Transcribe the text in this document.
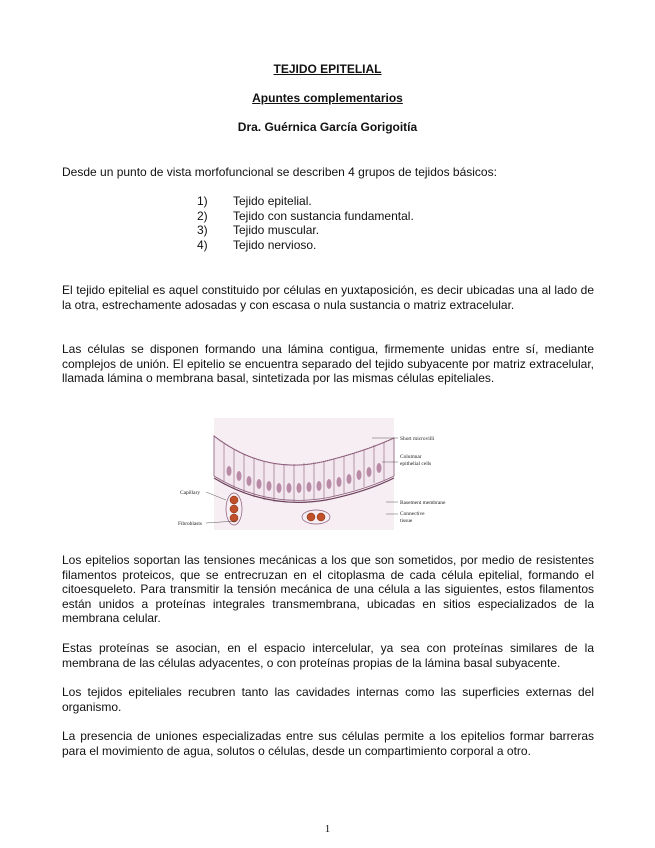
TEJIDO EPITELIAL
Apuntes complementarios
Dra. Guérnica García Gorigoitía
Desde un punto de vista morfofuncional se describen 4 grupos de tejidos básicos:
1)	Tejido epitelial.
2)	Tejido con sustancia fundamental.
3)	Tejido muscular.
4)	Tejido nervioso.
El tejido epitelial es aquel constituido por células en yuxtaposición, es decir ubicadas una al lado de la otra, estrechamente adosadas y con escasa o nula sustancia o matriz extracelular.
Las células se disponen formando una lámina contigua, firmemente unidas entre sí, mediante complejos de unión. El epitelio se encuentra separado del tejido subyacente por matriz extracelular, llamada lámina o membrana basal, sintetizada por las mismas células epiteliales.
Short microvilli
Columnar
epithelial cells
Basement membrane
Connective
tissue
Capillary
Fibroblasts
Los epitelios soportan las tensiones mecánicas a los que son sometidos, por medio de resistentes filamentos proteicos, que se entrecruzan en el citoplasma de cada célula epitelial, formando el citoesqueleto. Para transmitir la tensión mecánica de una célula a las siguientes, estos filamentos están unidos a proteínas integrales transmembrana, ubicadas en sitios especializados de la membrana celular.
Estas proteínas se asocian, en el espacio intercelular, ya sea con proteínas similares de la membrana de las células adyacentes, o con proteínas propias de la lámina basal subyacente.
Los tejidos epiteliales recubren tanto las cavidades internas como las superficies externas del organismo.
La presencia de uniones especializadas entre sus células permite a los epitelios formar barreras para el movimiento de agua, solutos o células, desde un compartimiento corporal a otro.
1
